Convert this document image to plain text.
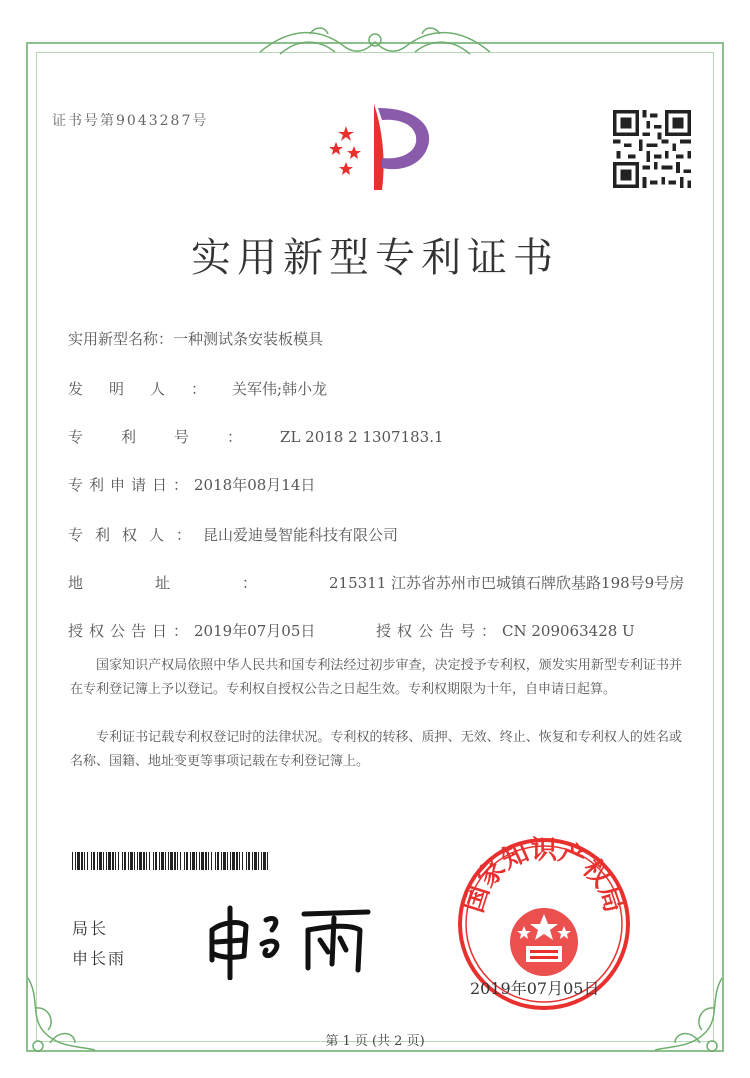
证书号第9043287号
实用新型专利证书
实用新型名称：一种测试条安装板模具
发明人：关军伟;韩小龙
专利号：ZL 2018 2 1307183.1
专利申请日：2018年08月14日
专利权人：昆山爱迪曼智能科技有限公司
地址：215311 江苏省苏州市巴城镇石牌欣基路198号9号房
授权公告日：2019年07月05日	授权公告号：CN 209063428 U
国家知识产权局依照中华人民共和国专利法经过初步审查，决定授予专利权，颁发实用新型专利证书并在专利登记簿上予以登记。专利权自授权公告之日起生效。专利权期限为十年，自申请日起算。
专利证书记载专利权登记时的法律状况。专利权的转移、质押、无效、终止、恢复和专利权人的姓名或名称、国籍、地址变更等事项记载在专利登记簿上。
局长
申长雨
国家知识产权局
2019年07月05日
第 1 页 (共 2 页)
